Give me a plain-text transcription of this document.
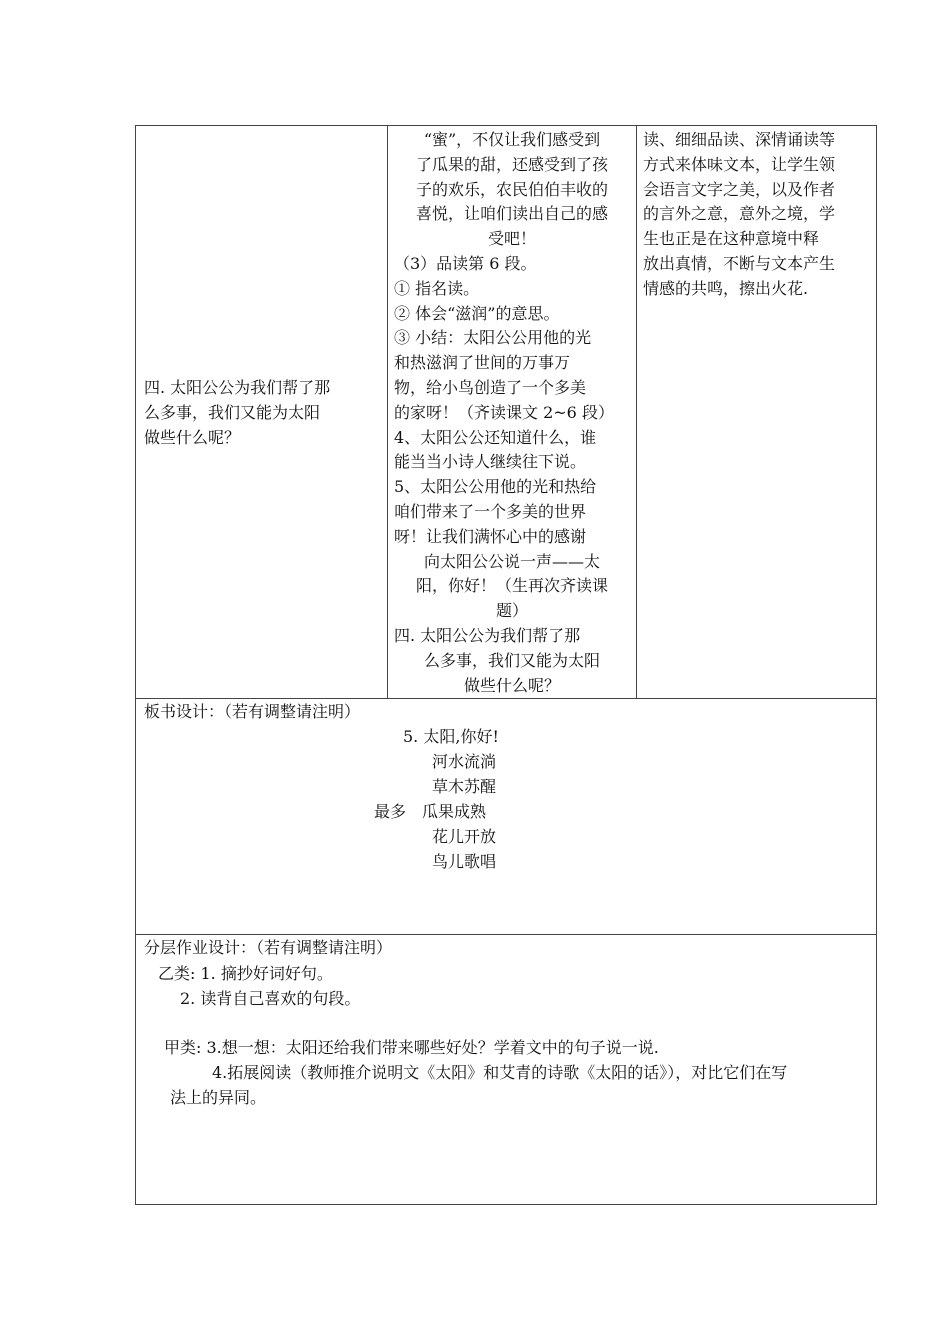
四. 太阳公公为我们帮了那

么多事，我们又能为太阳

做些什么呢？

“蜜”，不仅让我们感受到

了瓜果的甜，还感受到了孩

子的欢乐，农民伯伯丰收的

喜悦，让咱们读出自己的感

受吧！

（3）品读第 6 段。

① 指名读。

② 体会“滋润”的意思。

③ 小结：太阳公公用他的光

和热滋润了世间的万事万

物，给小鸟创造了一个多美

的家呀！（齐读课文 2~6 段）

4、太阳公公还知道什么，谁

能当当小诗人继续往下说。

5、太阳公公用他的光和热给

咱们带来了一个多美的世界

呀！让我们满怀心中的感谢

向太阳公公说一声——太

阳，你好！（生再次齐读课

题）

四. 太阳公公为我们帮了那

么多事，我们又能为太阳

做些什么呢？

读、细细品读、深情诵读等

方式来体味文本，让学生领

会语言文字之美，以及作者

的言外之意，意外之境，学

生也正是在这种意境中释

放出真情，不断与文本产生

情感的共鸣，擦出火花.

板书设计：（若有调整请注明）
5. 太阳,你好!
河水流淌
草木苏醒
最多 瓜果成熟
花儿开放
鸟儿歌唱
分层作业设计：（若有调整请注明）
乙类: 1. 摘抄好词好句。
2. 读背自己喜欢的句段。
甲类: 3.想一想：太阳还给我们带来哪些好处？学着文中的句子说一说.
4.拓展阅读（教师推介说明文《太阳》和艾青的诗歌《太阳的话》），对比它们在写
法上的异同。
